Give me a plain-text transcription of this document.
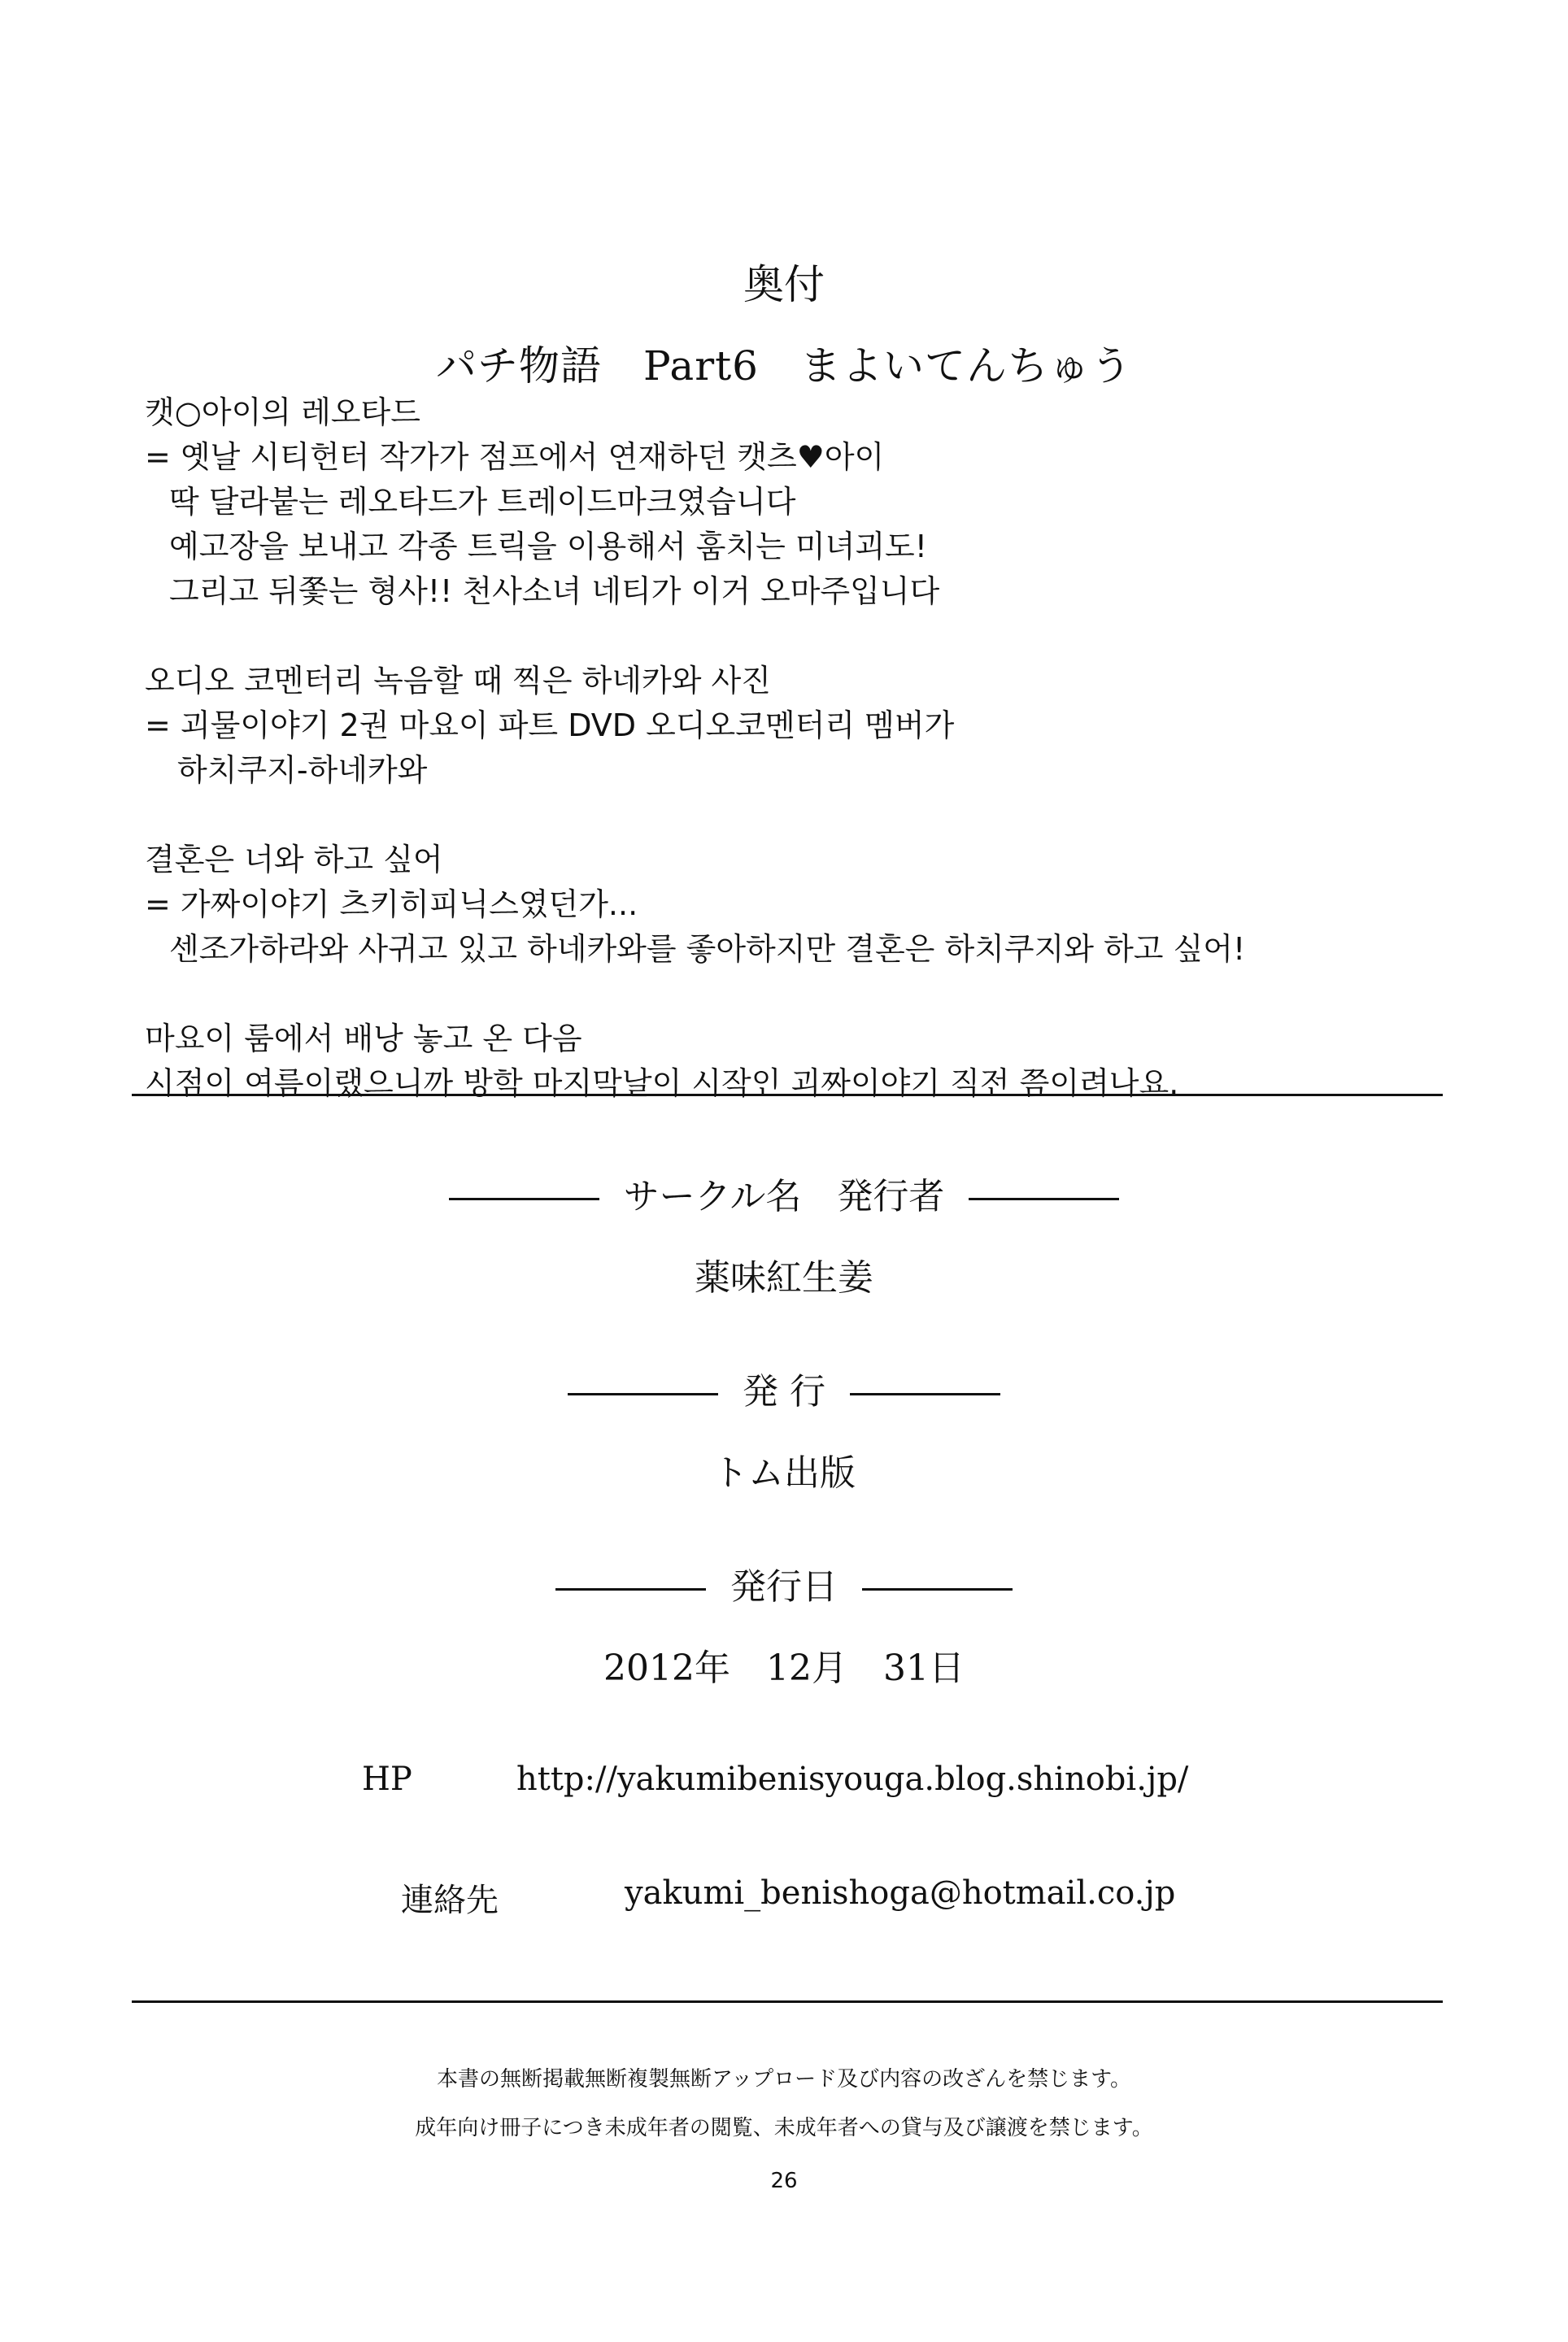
奥付
パチ物語　Part6　まよいてんちゅう
캣○아이의 레오타드
= 옛날 시티헌터 작가가 점프에서 연재하던 캣츠♥아이
딱 달라붙는 레오타드가 트레이드마크였습니다
예고장을 보내고 각종 트릭을 이용해서 훔치는 미녀괴도!
그리고 뒤쫓는 형사!! 천사소녀 네티가 이거 오마주입니다
오디오 코멘터리 녹음할 때 찍은 하네카와 사진
= 괴물이야기 2권 마요이 파트 DVD 오디오코멘터리 멤버가
하치쿠지-하네카와
결혼은 너와 하고 싶어
= 가짜이야기 츠키히피닉스였던가...
센조가하라와 사귀고 있고 하네카와를 좋아하지만 결혼은 하치쿠지와 하고 싶어!
마요이 룸에서 배낭 놓고 온 다음
시점이 여름이랬으니까 방학 마지막날이 시작인 괴짜이야기 직전 쯤이려나요.
サークル名　発行者
薬味紅生姜
発 行
トム出版
発行日
2012年　12月　31日
HP	http://yakumibenisyouga.blog.shinobi.jp/
連絡先	yakumi_benishoga@hotmail.co.jp
本書の無断掲載無断複製無断アップロード及び内容の改ざんを禁じます。
成年向け冊子につき未成年者の閲覧、未成年者への貸与及び譲渡を禁じます。
26
